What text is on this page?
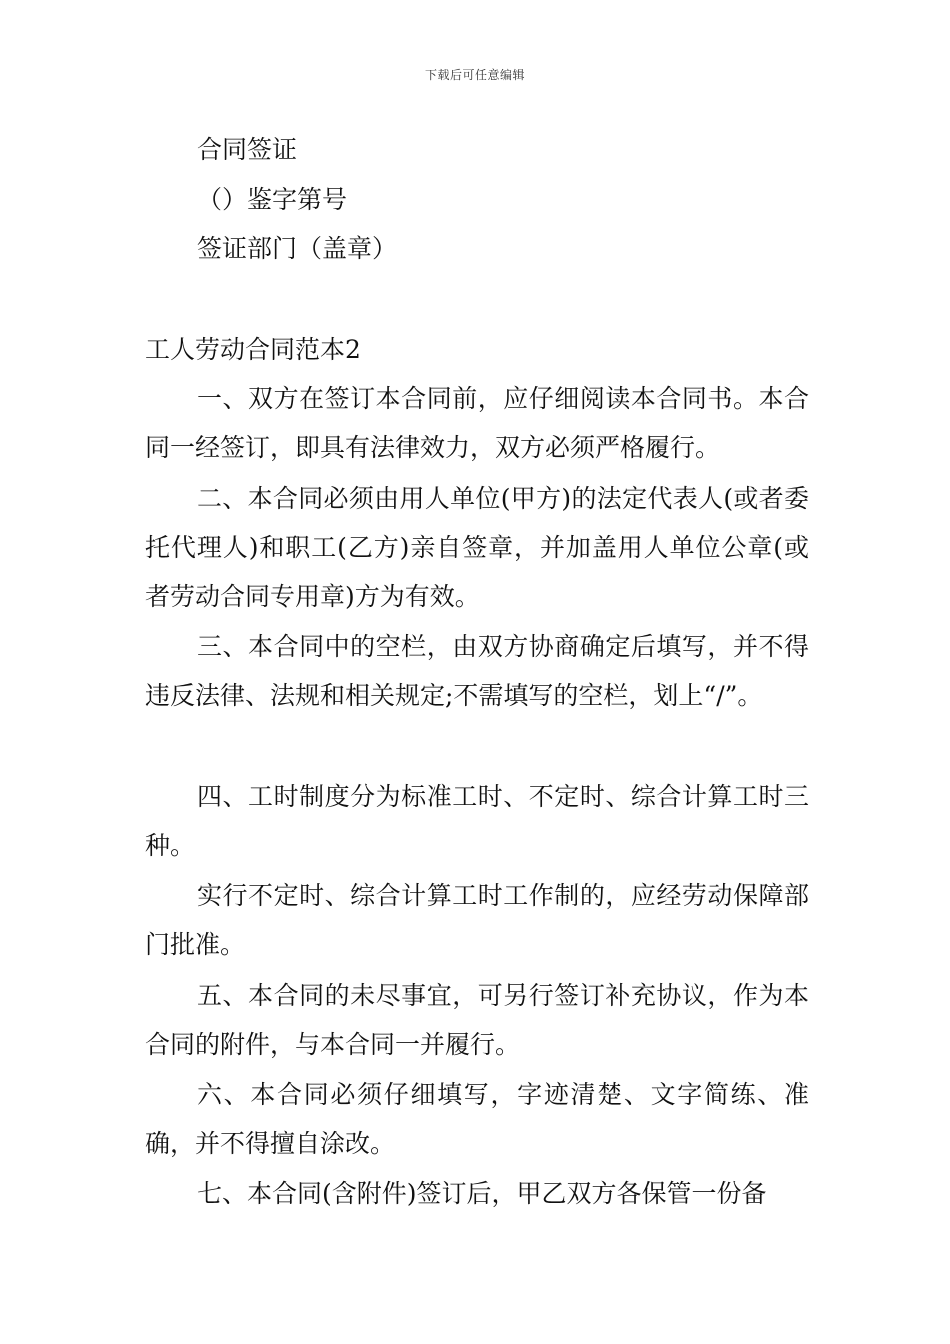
下载后可任意编辑
合同签证
（）鉴字第号
签证部门（盖章）
工人劳动合同范本2
一、双方在签订本合同前，应仔细阅读本合同书。本合同一经签订，即具有法律效力，双方必须严格履行。
二、本合同必须由用人单位(甲方)的法定代表人(或者委托代理人)和职工(乙方)亲自签章，并加盖用人单位公章(或者劳动合同专用章)方为有效。
三、本合同中的空栏，由双方协商确定后填写，并不得违反法律、法规和相关规定;不需填写的空栏，划上“/”。
四、工时制度分为标准工时、不定时、综合计算工时三种。
实行不定时、综合计算工时工作制的，应经劳动保障部门批准。
五、本合同的未尽事宜，可另行签订补充协议，作为本合同的附件，与本合同一并履行。
六、本合同必须仔细填写，字迹清楚、文字简练、准确，并不得擅自涂改。
七、本合同(含附件)签订后，甲乙双方各保管一份备
